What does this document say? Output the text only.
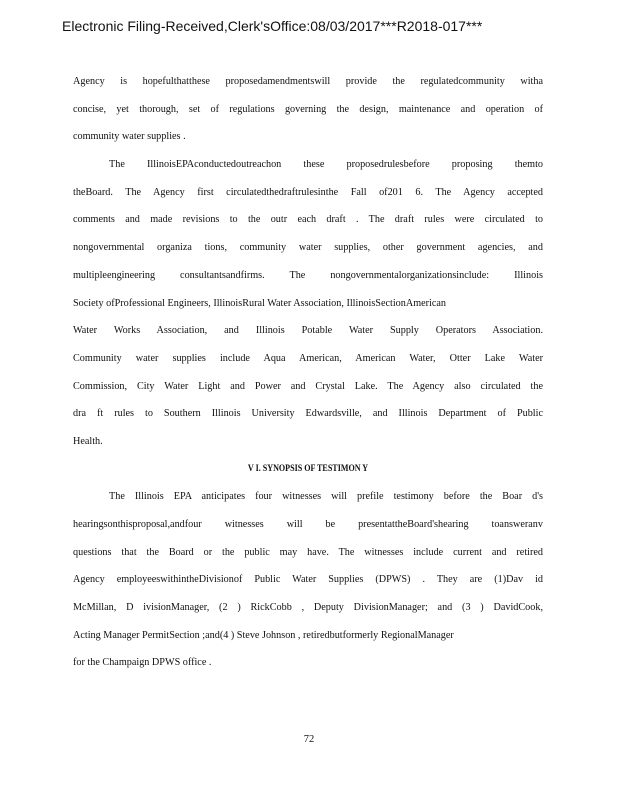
Electronic Filing-Received,Clerk'sOffice:08/03/2017***R2018-017***
Agency is hopefulthatthese proposedamendmentswill provide the regulatedcommunity witha
concise, yet thorough, set of regulations governing the design, maintenance and operation of
community water supplies .
The IllinoisEPAconductedoutreachon these proposedrulesbefore proposing themto
theBoard. The Agency first circulatedthedraftrulesinthe Fall of201 6. The Agency accepted
comments and made revisions to the outr each draft . The draft rules were circulated to
nongovernmental organiza tions, community water supplies, other government agencies, and
multipleengineering consultantsandfirms. The nongovernmentalorganizationsinclude: Illinois
Society ofProfessional Engineers, IllinoisRural Water Association, IllinoisSectionAmerican
Water Works Association, and Illinois Potable Water Supply Operators Association.
Community water supplies include Aqua American, American Water, Otter Lake Water
Commission, City Water Light and Power and Crystal Lake. The Agency also circulated the
dra ft rules to Southern Illinois University Edwardsville, and Illinois Department of Public
Health.
V I. SYNOPSIS OF TESTIMON Y
The Illinois EPA anticipates four witnesses will prefile testimony before the Boar d's
hearingsonthisproposal,andfour witnesses will be presentattheBoard'shearing toansweranv
questions that the Board or the public may have. The witnesses include current and retired
Agency employeeswithintheDivisionof Public Water Supplies (DPWS) . They are (1)Dav id
McMillan, D ivisionManager, (2 ) RickCobb , Deputy DivisionManager; and (3 ) DavidCook,
Acting Manager PermitSection ;and(4 ) Steve Johnson , retiredbutformerly RegionalManager
for the Champaign DPWS office .
72
